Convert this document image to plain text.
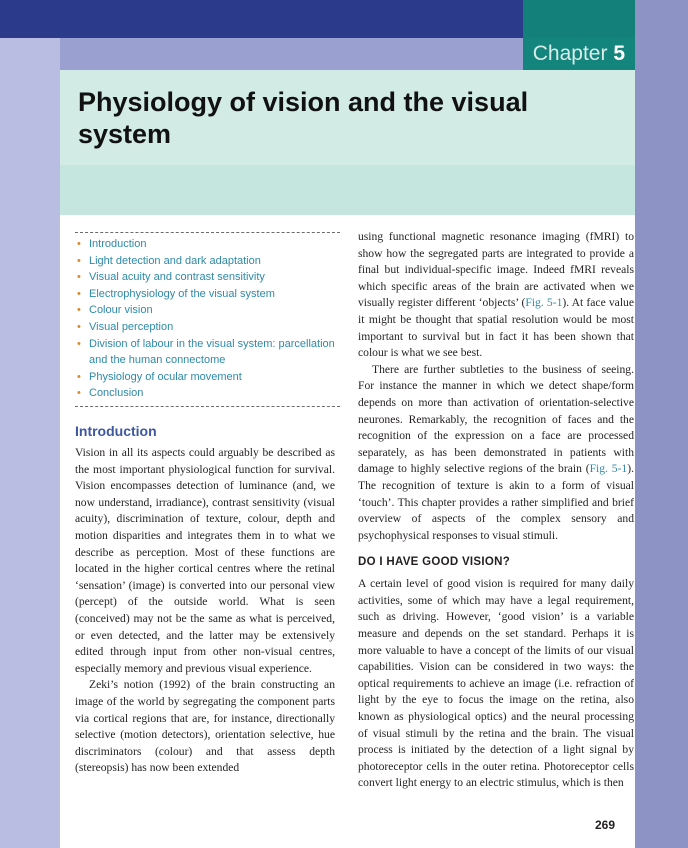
Chapter 5
Physiology of vision and the visual system
• Introduction
• Light detection and dark adaptation
• Visual acuity and contrast sensitivity
• Electrophysiology of the visual system
• Colour vision
• Visual perception
• Division of labour in the visual system: parcellation and the human connectome
• Physiology of ocular movement
• Conclusion
Introduction

Vision in all its aspects could arguably be described as the most important physiological function for survival. Vision encompasses detection of luminance (and, we now understand, irradiance), contrast sensitivity (visual acuity), discrimination of texture, colour, depth and motion disparities and integrates them in to what we describe as perception. Most of these functions are located in the higher cortical centres where the retinal ‘sensation’ (image) is converted into our personal view (percept) of the outside world. What is seen (conceived) may not be the same as what is perceived, or even detected, and the latter may be extensively edited through input from other non-visual centres, especially memory and previous visual experience.

Zeki’s notion (1992) of the brain constructing an image of the world by segregating the component parts via cortical regions that are, for instance, directionally selective (motion detectors), orientation selective, hue discriminators (colour) and that assess depth (stereopsis) has now been extended

using functional magnetic resonance imaging (fMRI) to show how the segregated parts are integrated to provide a final but individual-specific image. Indeed fMRI reveals which specific areas of the brain are activated when we visually register different ‘objects’ (Fig. 5-1). At face value it might be thought that spatial resolution would be most important to survival but in fact it has been shown that colour is what we see best.

There are further subtleties to the business of seeing. For instance the manner in which we detect shape/form depends on more than activation of orientation-selective neurones. Remarkably, the recognition of faces and the recognition of the expression on a face are processed separately, as has been demonstrated in patients with damage to highly selective regions of the brain (Fig. 5-1). The recognition of texture is akin to a form of visual ‘touch’. This chapter provides a rather simplified and brief overview of aspects of the complex sensory and psychophysical responses to visual stimuli.

DO I HAVE GOOD VISION?

A certain level of good vision is required for many daily activities, some of which may have a legal requirement, such as driving. However, ‘good vision’ is a variable measure and depends on the set standard. Perhaps it is more valuable to have a concept of the limits of our visual capabilities. Vision can be considered in two ways: the optical requirements to achieve an image (i.e. refraction of light by the eye to focus the image on the retina, also known as physiological optics) and the neural processing of visual stimuli by the retina and the brain. The visual process is initiated by the detection of a light signal by photoreceptor cells in the outer retina. Photoreceptor cells convert light energy to an electric stimulus, which is then

269
